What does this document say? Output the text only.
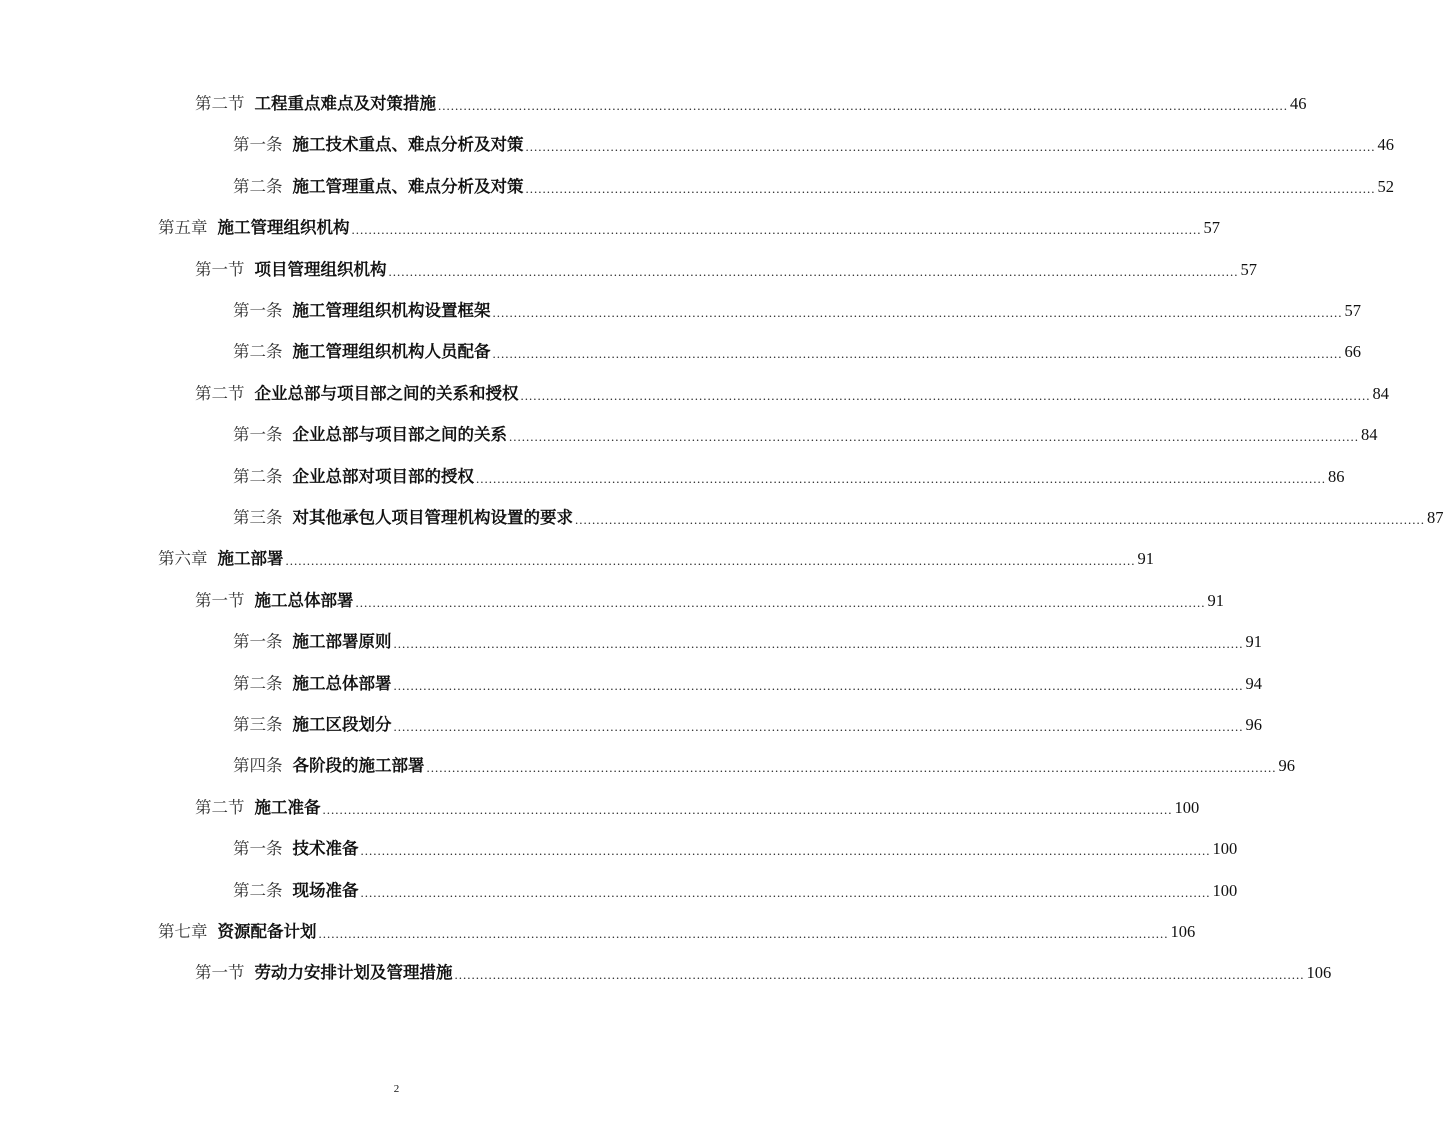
第二节 工程重点难点及对策措施 ........................................................................................................................................................................................................ 46
第一条 施工技术重点、难点分析及对策 ........................................................................................................................................................................................................ 46
第二条 施工管理重点、难点分析及对策 ........................................................................................................................................................................................................ 52
第五章 施工管理组织机构 ........................................................................................................................................................................................................ 57
第一节 项目管理组织机构 ........................................................................................................................................................................................................ 57
第一条 施工管理组织机构设置框架 ........................................................................................................................................................................................................ 57
第二条 施工管理组织机构人员配备 ........................................................................................................................................................................................................ 66
第二节 企业总部与项目部之间的关系和授权 ........................................................................................................................................................................................................ 84
第一条 企业总部与项目部之间的关系 ........................................................................................................................................................................................................ 84
第二条 企业总部对项目部的授权 ........................................................................................................................................................................................................ 86
第三条 对其他承包人项目管理机构设置的要求 ........................................................................................................................................................................................................ 87
第六章 施工部署 ........................................................................................................................................................................................................ 91
第一节 施工总体部署 ........................................................................................................................................................................................................ 91
第一条 施工部署原则 ........................................................................................................................................................................................................ 91
第二条 施工总体部署 ........................................................................................................................................................................................................ 94
第三条 施工区段划分 ........................................................................................................................................................................................................ 96
第四条 各阶段的施工部署 ........................................................................................................................................................................................................ 96
第二节 施工准备 ........................................................................................................................................................................................................ 100
第一条 技术准备 ........................................................................................................................................................................................................ 100
第二条 现场准备 ........................................................................................................................................................................................................ 100
第七章 资源配备计划 ........................................................................................................................................................................................................ 106
第一节 劳动力安排计划及管理措施 ........................................................................................................................................................................................................ 106
2
